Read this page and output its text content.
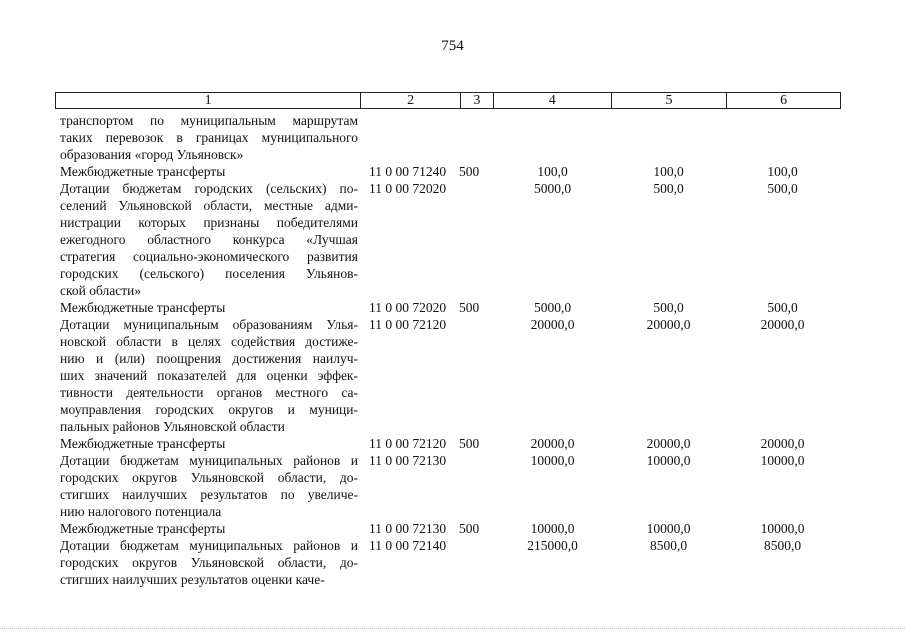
754
1	2	3	4	5	6
транспортом по муниципальным маршрутам
таких перевозок в границах муниципального
образования «город Ульяновск»
Межбюджетные трансферты	11 0 00 71240 500	100,0	100,0	100,0
Дотации бюджетам городских (сельских) по-
селений Ульяновской области, местные адми-
нистрации которых признаны победителями
ежегодного областного конкурса «Лучшая
стратегия социально-экономического развития
городских (сельского) поселения Ульянов-
ской области»
11 0 00 72020	5000,0	500,0	500,0
Межбюджетные трансферты	11 0 00 72020 500	5000,0	500,0	500,0
Дотации муниципальным образованиям Улья-
новской области в целях содействия достиже-
нию и (или) поощрения достижения наилуч-
ших значений показателей для оценки эффек-
тивности деятельности органов местного са-
моуправления городских округов и муници-
пальных районов Ульяновской области
11 0 00 72120	20000,0	20000,0	20000,0
Межбюджетные трансферты	11 0 00 72120 500	20000,0	20000,0	20000,0
Дотации бюджетам муниципальных районов и
городских округов Ульяновской области, до-
стигших наилучших результатов по увеличе-
нию налогового потенциала
11 0 00 72130	10000,0	10000,0	10000,0
Межбюджетные трансферты	11 0 00 72130 500	10000,0	10000,0	10000,0
Дотации бюджетам муниципальных районов и
городских округов Ульяновской области, до-
стигших наилучших результатов оценки каче-
11 0 00 72140	215000,0	8500,0	8500,0
